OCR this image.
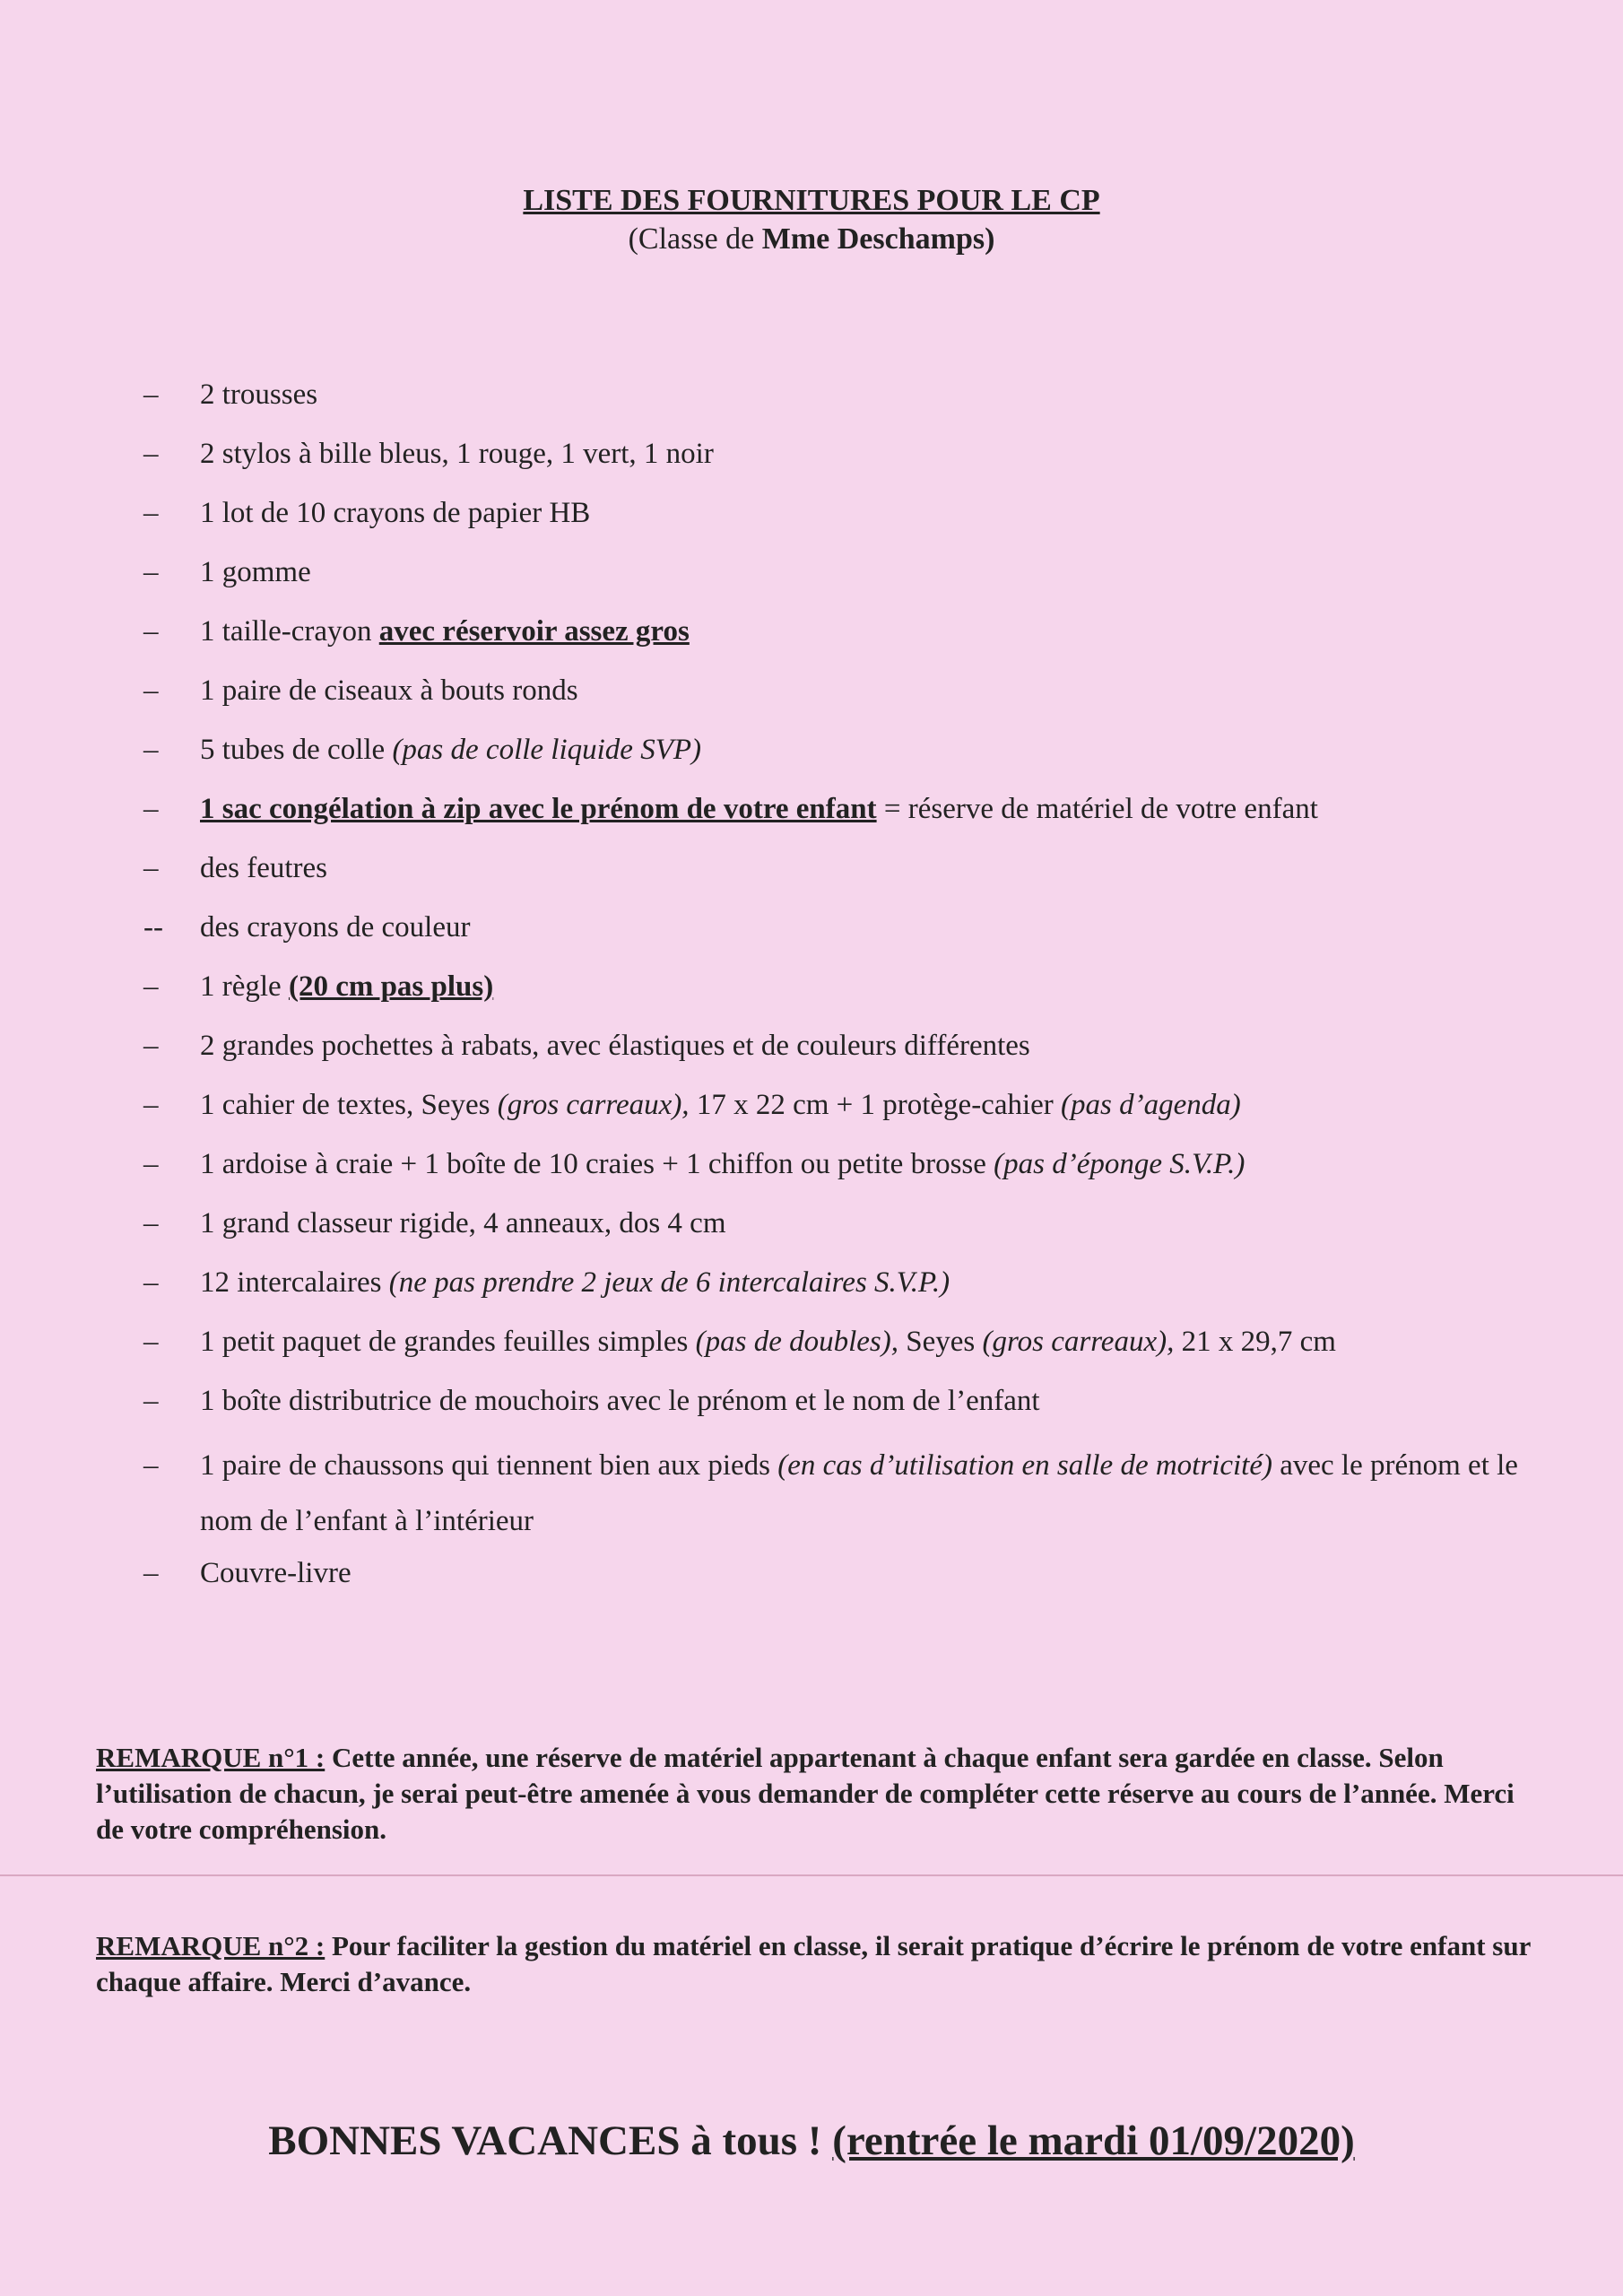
LISTE DES FOURNITURES POUR LE CP
(Classe de Mme Deschamps)
–	2 trousses
–	2 stylos à bille bleus, 1 rouge, 1 vert, 1 noir
–	1 lot de 10 crayons de papier HB
–	1 gomme
–	1 taille-crayon avec réservoir assez gros
–	1 paire de ciseaux à bouts ronds
–	5 tubes de colle (pas de colle liquide SVP)
–	1 sac congélation à zip avec le prénom de votre enfant = réserve de matériel de votre enfant
–	des feutres
--	des crayons de couleur
–	1 règle (20 cm pas plus)
–	2 grandes pochettes à rabats, avec élastiques et de couleurs différentes
–	1 cahier de textes, Seyes (gros carreaux), 17 x 22 cm + 1 protège-cahier (pas d’agenda)
–	1 ardoise à craie + 1 boîte de 10 craies + 1 chiffon ou petite brosse (pas d’éponge S.V.P.)
–	1 grand classeur rigide, 4 anneaux, dos 4 cm
–	12 intercalaires (ne pas prendre 2 jeux de 6 intercalaires S.V.P.)
–	1 petit paquet de grandes feuilles simples (pas de doubles), Seyes (gros carreaux), 21 x 29,7 cm
–	1 boîte distributrice de mouchoirs avec le prénom et le nom de l’enfant
–	1 paire de chaussons qui tiennent bien aux pieds (en cas d’utilisation en salle de motricité) avec le prénom et le nom de l’enfant à l’intérieur
–	Couvre-livre
REMARQUE n°1 : Cette année, une réserve de matériel appartenant à chaque enfant sera gardée en classe. Selon l’utilisation de chacun, je serai peut-être amenée à vous demander de compléter cette réserve au cours de l’année. Merci de votre compréhension.
REMARQUE n°2 : Pour faciliter la gestion du matériel en classe, il serait pratique d’écrire le prénom de votre enfant sur chaque affaire. Merci d’avance.
BONNES VACANCES à tous ! (rentrée le mardi 01/09/2020)
